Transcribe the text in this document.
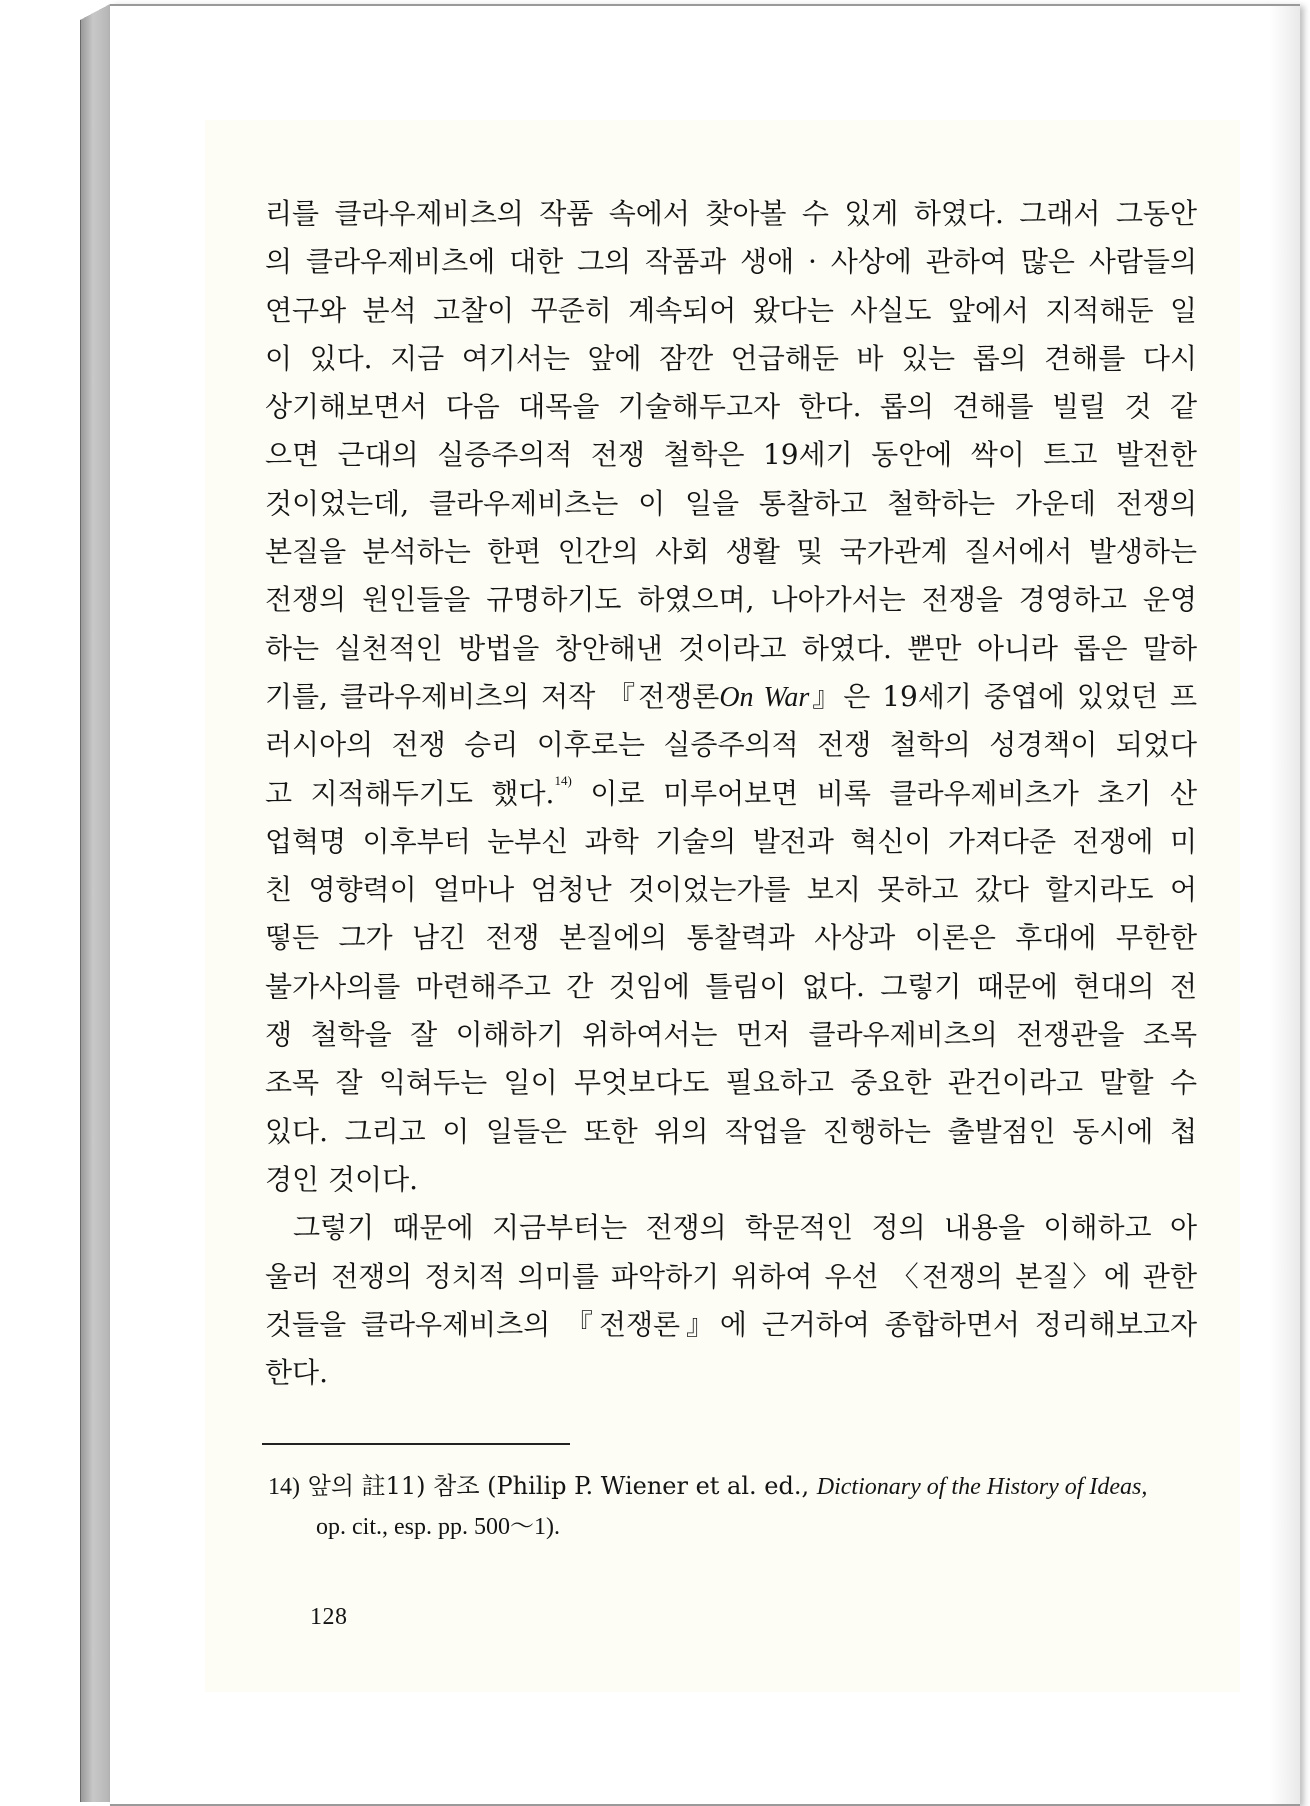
리를 클라우제비츠의 작품 속에서 찾아볼 수 있게 하였다. 그래서 그동안
의 클라우제비츠에 대한 그의 작품과 생애 · 사상에 관하여 많은 사람들의
연구와 분석 고찰이 꾸준히 계속되어 왔다는 사실도 앞에서 지적해둔 일
이 있다. 지금 여기서는 앞에 잠깐 언급해둔 바 있는 롭의 견해를 다시
상기해보면서 다음 대목을 기술해두고자 한다. 롭의 견해를 빌릴 것 같
으면 근대의 실증주의적 전쟁 철학은 19세기 동안에 싹이 트고 발전한
것이었는데, 클라우제비츠는 이 일을 통찰하고 철학하는 가운데 전쟁의
본질을 분석하는 한편 인간의 사회 생활 및 국가관계 질서에서 발생하는
전쟁의 원인들을 규명하기도 하였으며, 나아가서는 전쟁을 경영하고 운영
하는 실천적인 방법을 창안해낸 것이라고 하였다. 뿐만 아니라 롭은 말하
기를, 클라우제비츠의 저작 『전쟁론On War』은 19세기 중엽에 있었던 프
러시아의 전쟁 승리 이후로는 실증주의적 전쟁 철학의 성경책이 되었다
고 지적해두기도 했다.$^{14)}$ 이로 미루어보면 비록 클라우제비츠가 초기 산
업혁명 이후부터 눈부신 과학 기술의 발전과 혁신이 가져다준 전쟁에 미
친 영향력이 얼마나 엄청난 것이었는가를 보지 못하고 갔다 할지라도 어
떻든 그가 남긴 전쟁 본질에의 통찰력과 사상과 이론은 후대에 무한한
불가사의를 마련해주고 간 것임에 틀림이 없다. 그렇기 때문에 현대의 전
쟁 철학을 잘 이해하기 위하여서는 먼저 클라우제비츠의 전쟁관을 조목
조목 잘 익혀두는 일이 무엇보다도 필요하고 중요한 관건이라고 말할 수
있다. 그리고 이 일들은 또한 위의 작업을 진행하는 출발점인 동시에 첩
경인 것이다.
그렇기 때문에 지금부터는 전쟁의 학문적인 정의 내용을 이해하고 아
울러 전쟁의 정치적 의미를 파악하기 위하여 우선 〈전쟁의 본질〉에 관한
것들을 클라우제비츠의 『전쟁론』에 근거하여 종합하면서 정리해보고자
한다.
14) 앞의 註11) 참조 (Philip P. Wiener et al. ed., Dictionary of the History of Ideas,
op. cit., esp. pp. 500～1).
128
